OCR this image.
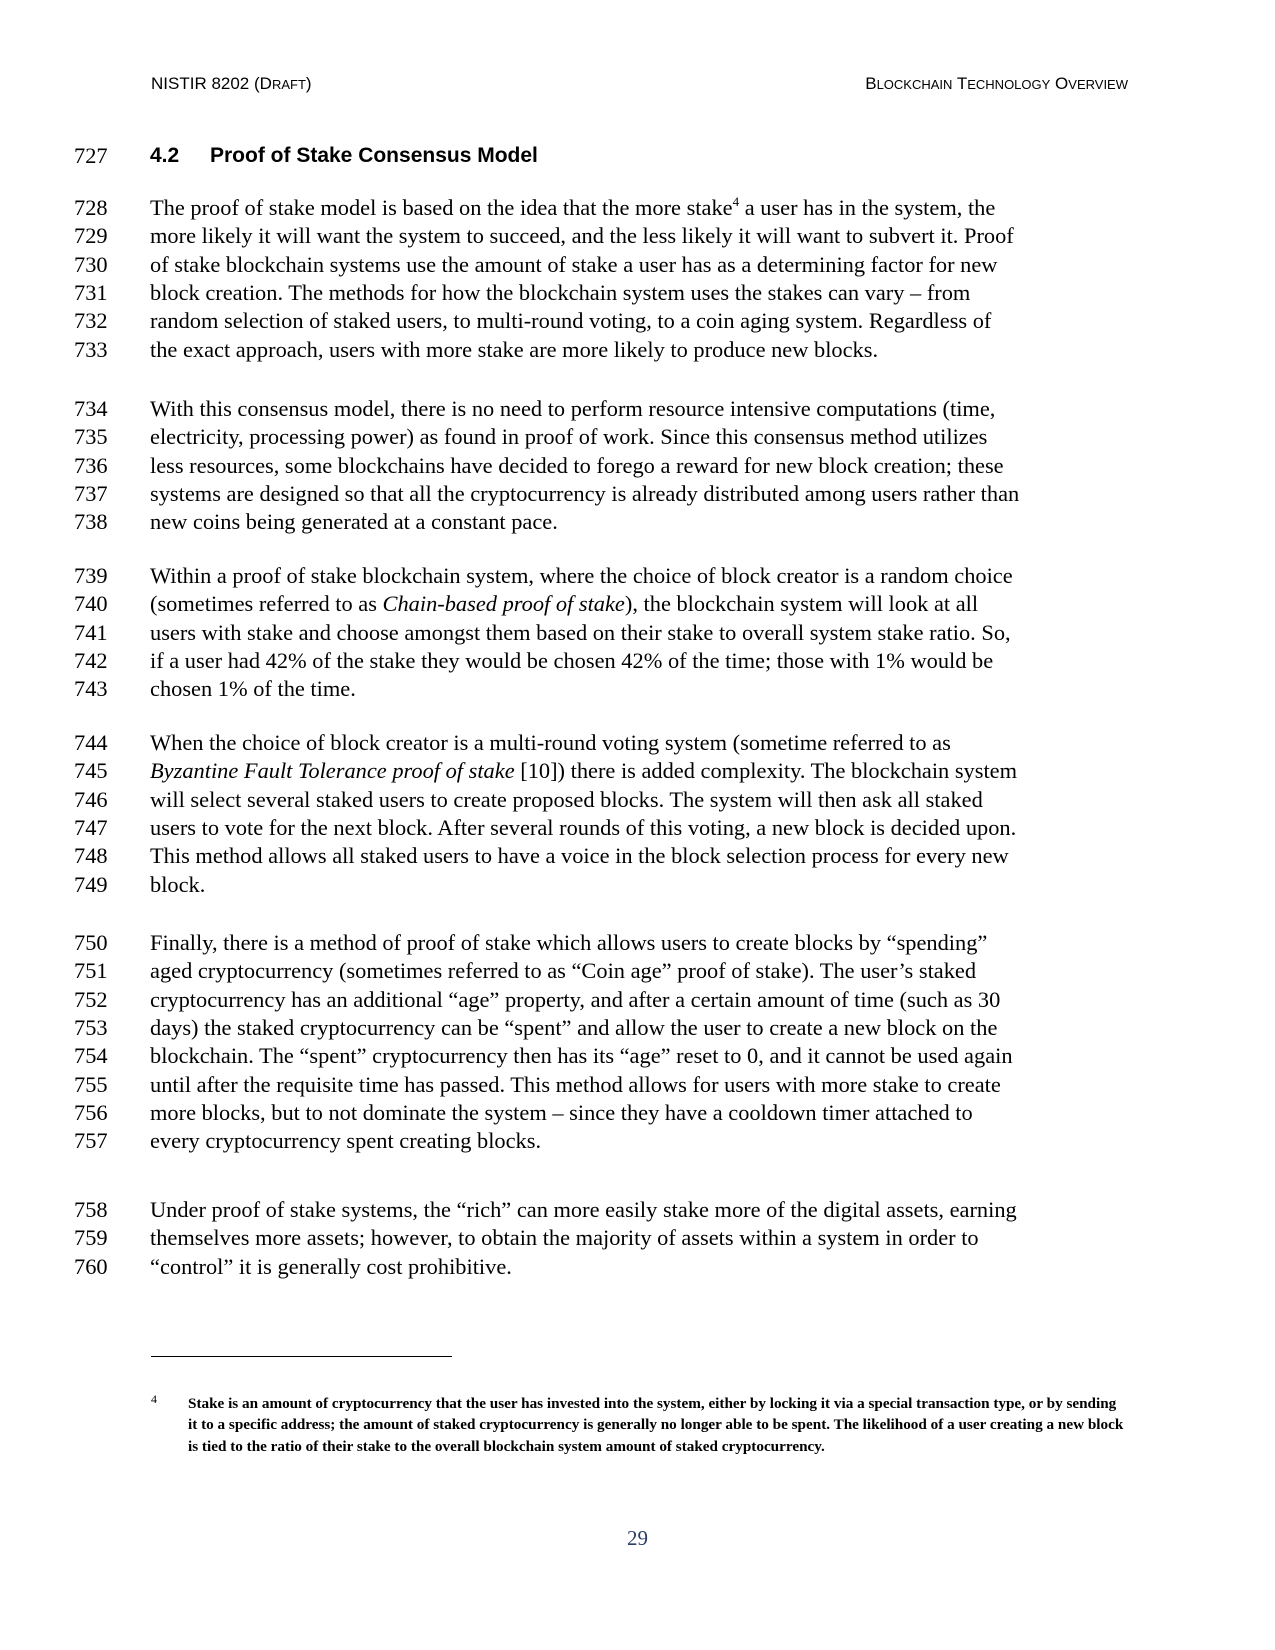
NISTIR 8202 (DRAFT)	BLOCKCHAIN TECHNOLOGY OVERVIEW
727	4.2 Proof of Stake Consensus Model
728 The proof of stake model is based on the idea that the more stake$^4$ a user has in the system, the
729 more likely it will want the system to succeed, and the less likely it will want to subvert it. Proof
730 of stake blockchain systems use the amount of stake a user has as a determining factor for new
731 block creation. The methods for how the blockchain system uses the stakes can vary – from
732 random selection of staked users, to multi-round voting, to a coin aging system. Regardless of
733 the exact approach, users with more stake are more likely to produce new blocks.
734 With this consensus model, there is no need to perform resource intensive computations (time,
735 electricity, processing power) as found in proof of work. Since this consensus method utilizes
736 less resources, some blockchains have decided to forego a reward for new block creation; these
737 systems are designed so that all the cryptocurrency is already distributed among users rather than
738 new coins being generated at a constant pace.
739 Within a proof of stake blockchain system, where the choice of block creator is a random choice
740 (sometimes referred to as Chain-based proof of stake), the blockchain system will look at all
741 users with stake and choose amongst them based on their stake to overall system stake ratio. So,
742 if a user had 42% of the stake they would be chosen 42% of the time; those with 1% would be
743 chosen 1% of the time.
744 When the choice of block creator is a multi-round voting system (sometime referred to as
745 Byzantine Fault Tolerance proof of stake [10]) there is added complexity. The blockchain system
746 will select several staked users to create proposed blocks. The system will then ask all staked
747 users to vote for the next block. After several rounds of this voting, a new block is decided upon.
748 This method allows all staked users to have a voice in the block selection process for every new
749 block.
750 Finally, there is a method of proof of stake which allows users to create blocks by “spending”
751 aged cryptocurrency (sometimes referred to as “Coin age” proof of stake). The user’s staked
752 cryptocurrency has an additional “age” property, and after a certain amount of time (such as 30
753 days) the staked cryptocurrency can be “spent” and allow the user to create a new block on the
754 blockchain. The “spent” cryptocurrency then has its “age” reset to 0, and it cannot be used again
755 until after the requisite time has passed. This method allows for users with more stake to create
756 more blocks, but to not dominate the system – since they have a cooldown timer attached to
757 every cryptocurrency spent creating blocks.
758 Under proof of stake systems, the “rich” can more easily stake more of the digital assets, earning
759 themselves more assets; however, to obtain the majority of assets within a system in order to
760 “control” it is generally cost prohibitive.
4 Stake is an amount of cryptocurrency that the user has invested into the system, either by locking it via a special transaction type, or by sending it to a specific address; the amount of staked cryptocurrency is generally no longer able to be spent. The likelihood of a user creating a new block is tied to the ratio of their stake to the overall blockchain system amount of staked cryptocurrency.
29
